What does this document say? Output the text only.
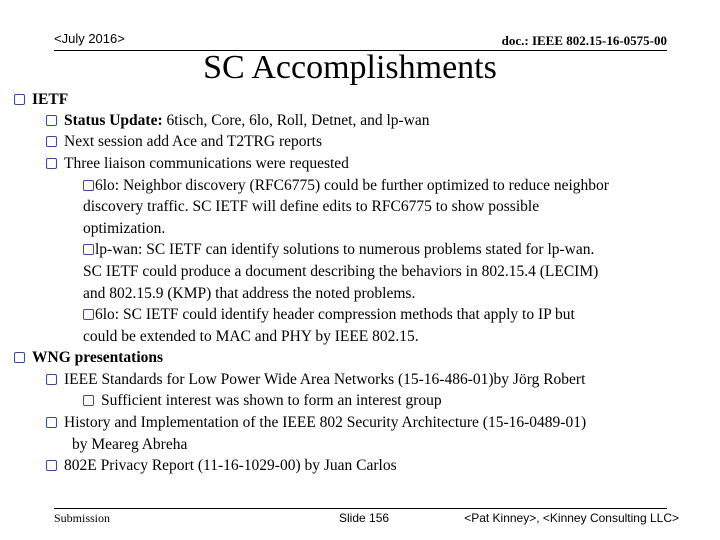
<July 2016>	doc.: IEEE 802.15-16-0575-00
SC Accomplishments
IETF
Status Update: 6tisch, Core, 6lo, Roll, Detnet, and lp-wan
Next session add Ace and T2TRG reports
Three liaison communications were requested
6lo: Neighbor discovery (RFC6775) could be further optimized to reduce neighbor
discovery traffic. SC IETF will define edits to RFC6775 to show possible
optimization.
lp-wan: SC IETF can identify solutions to numerous problems stated for lp-wan.
SC IETF could produce a document describing the behaviors in 802.15.4 (LECIM)
and 802.15.9 (KMP) that address the noted problems.
6lo: SC IETF could identify header compression methods that apply to IP but
could be extended to MAC and PHY by IEEE 802.15.
WNG presentations
IEEE Standards for Low Power Wide Area Networks (15-16-486-01)by Jörg Robert
Sufficient interest was shown to form an interest group
History and Implementation of the IEEE 802 Security Architecture (15-16-0489-01)
by Meareg Abreha
802E Privacy Report (11-16-1029-00) by Juan Carlos
Submission	Slide 156	<Pat Kinney>, <Kinney Consulting LLC>
